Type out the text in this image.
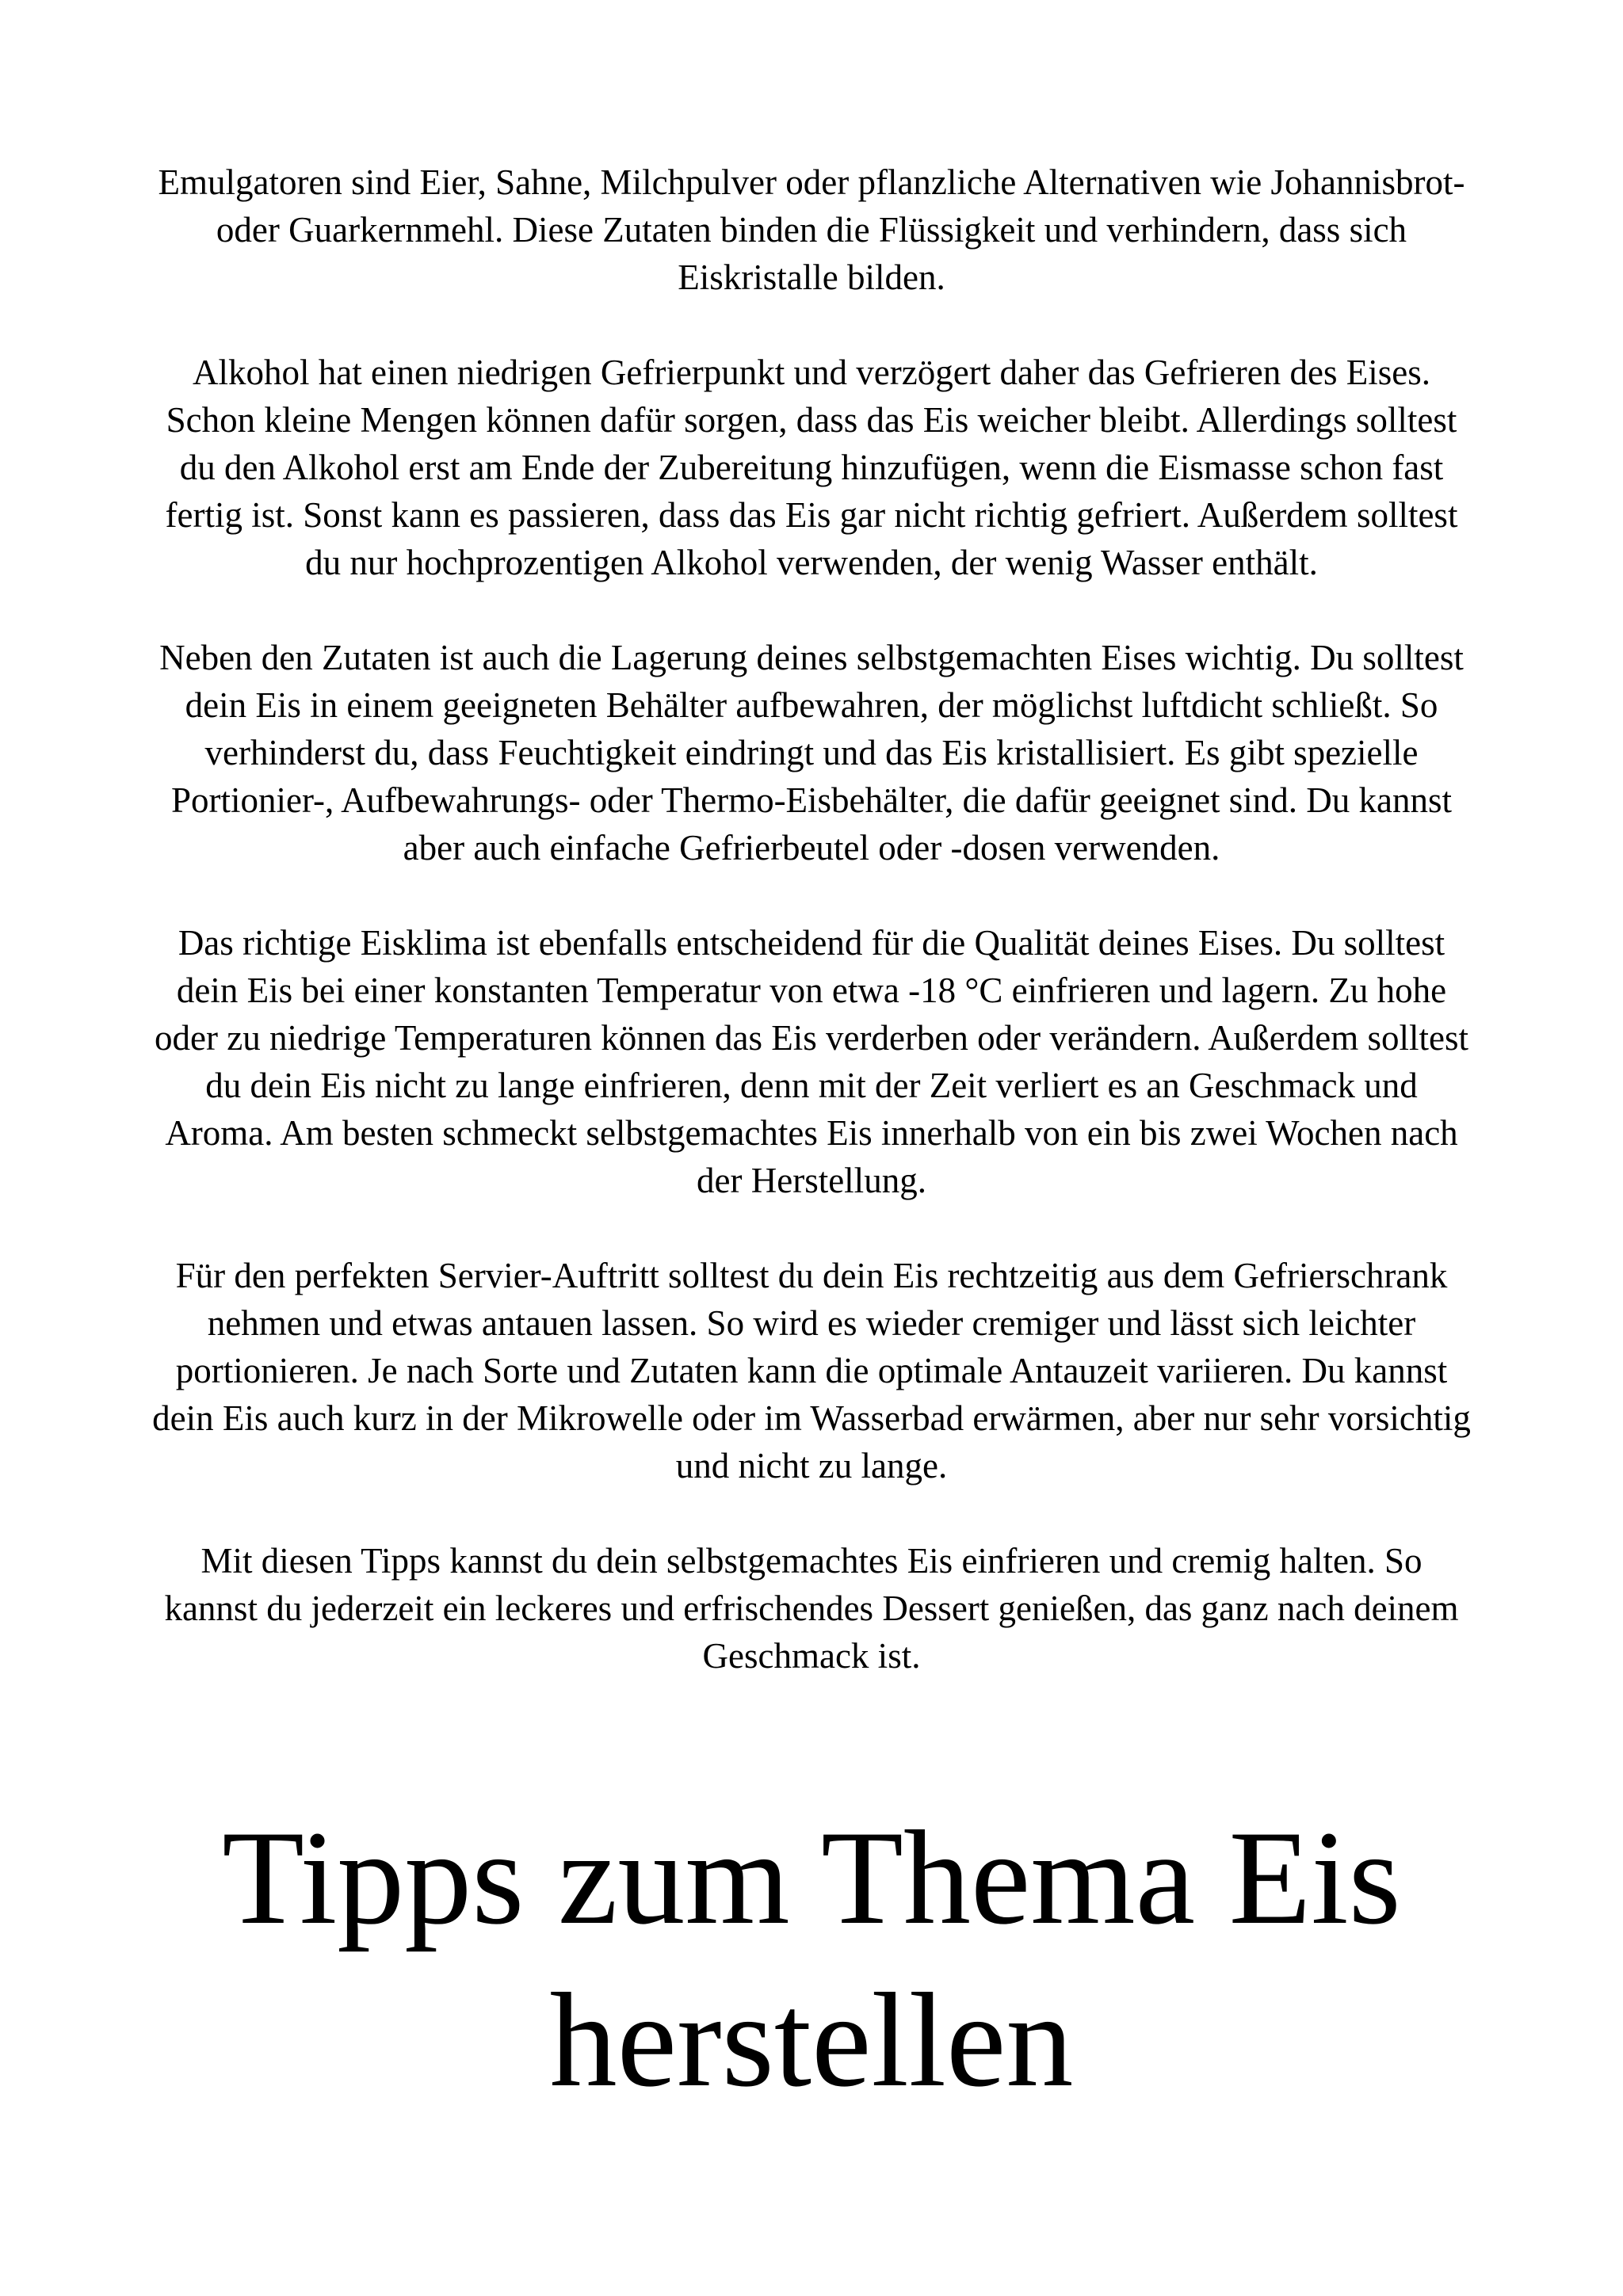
Emulgatoren sind Eier, Sahne, Milchpulver oder pflanzliche Alternativen wie Johannisbrot- oder Guarkernmehl. Diese Zutaten binden die Flüssigkeit und verhindern, dass sich Eiskristalle bilden.

Alkohol hat einen niedrigen Gefrierpunkt und verzögert daher das Gefrieren des Eises. Schon kleine Mengen können dafür sorgen, dass das Eis weicher bleibt. Allerdings solltest du den Alkohol erst am Ende der Zubereitung hinzufügen, wenn die Eismasse schon fast fertig ist. Sonst kann es passieren, dass das Eis gar nicht richtig gefriert. Außerdem solltest du nur hochprozentigen Alkohol verwenden, der wenig Wasser enthält.

Neben den Zutaten ist auch die Lagerung deines selbstgemachten Eises wichtig. Du solltest dein Eis in einem geeigneten Behälter aufbewahren, der möglichst luftdicht schließt. So verhinderst du, dass Feuchtigkeit eindringt und das Eis kristallisiert. Es gibt spezielle Portionier-, Aufbewahrungs- oder Thermo-Eisbehälter, die dafür geeignet sind. Du kannst aber auch einfache Gefrierbeutel oder -dosen verwenden.

Das richtige Eisklima ist ebenfalls entscheidend für die Qualität deines Eises. Du solltest dein Eis bei einer konstanten Temperatur von etwa -18 °C einfrieren und lagern. Zu hohe oder zu niedrige Temperaturen können das Eis verderben oder verändern. Außerdem solltest du dein Eis nicht zu lange einfrieren, denn mit der Zeit verliert es an Geschmack und Aroma. Am besten schmeckt selbstgemachtes Eis innerhalb von ein bis zwei Wochen nach der Herstellung.

Für den perfekten Servier-Auftritt solltest du dein Eis rechtzeitig aus dem Gefrierschrank nehmen und etwas antauen lassen. So wird es wieder cremiger und lässt sich leichter portionieren. Je nach Sorte und Zutaten kann die optimale Antauzeit variieren. Du kannst dein Eis auch kurz in der Mikrowelle oder im Wasserbad erwärmen, aber nur sehr vorsichtig und nicht zu lange.

Mit diesen Tipps kannst du dein selbstgemachtes Eis einfrieren und cremig halten. So kannst du jederzeit ein leckeres und erfrischendes Dessert genießen, das ganz nach deinem Geschmack ist.

Tipps zum Thema Eis herstellen
